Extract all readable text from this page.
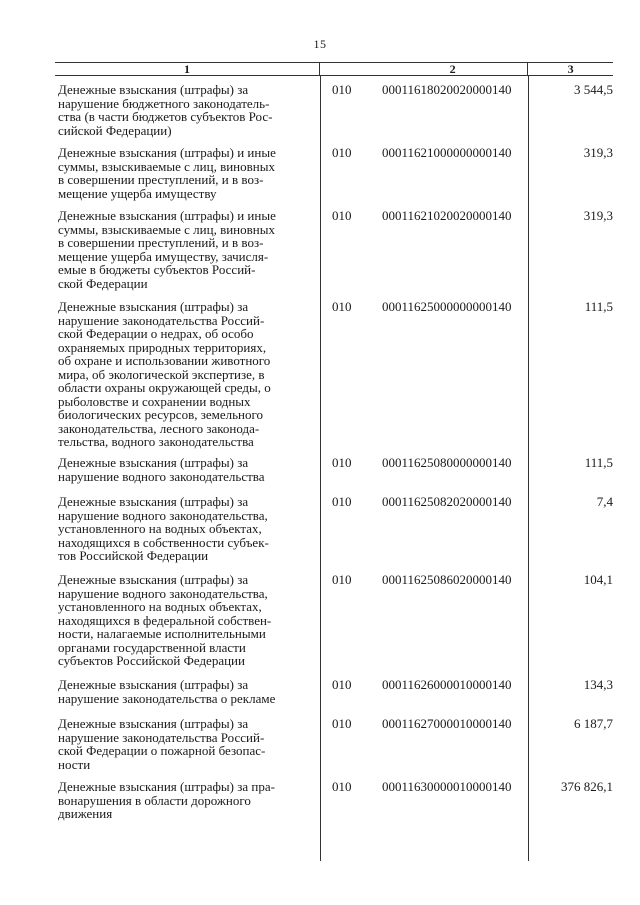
15
1	2	3
Денежные взыскания (штрафы) за
нарушение бюджетного законодатель-
ства (в части бюджетов субъектов Рос-
сийской Федерации)
010	00011618020020000140	3 544,5
Денежные взыскания (штрафы) и иные
суммы, взыскиваемые с лиц, виновных
в совершении преступлений, и в воз-
мещение ущерба имуществу
010	00011621000000000140	319,3
Денежные взыскания (штрафы) и иные
суммы, взыскиваемые с лиц, виновных
в совершении преступлений, и в воз-
мещение ущерба имуществу, зачисля-
емые в бюджеты субъектов Россий-
ской Федерации
010	00011621020020000140	319,3
Денежные взыскания (штрафы) за
нарушение законодательства Россий-
ской Федерации о недрах, об особо
охраняемых природных территориях,
об охране и использовании животного
мира, об экологической экспертизе, в
области охраны окружающей среды, о
рыболовстве и сохранении водных
биологических ресурсов, земельного
законодательства, лесного законода-
тельства, водного законодательства
010	00011625000000000140	111,5
Денежные взыскания (штрафы) за
нарушение водного законодательства
010	00011625080000000140	111,5
Денежные взыскания (штрафы) за
нарушение водного законодательства,
установленного на водных объектах,
находящихся в собственности субъек-
тов Российской Федерации
010	00011625082020000140	7,4
Денежные взыскания (штрафы) за
нарушение водного законодательства,
установленного на водных объектах,
находящихся в федеральной собствен-
ности, налагаемые исполнительными
органами государственной власти
субъектов Российской Федерации
010	00011625086020000140	104,1
Денежные взыскания (штрафы) за
нарушение законодательства о рекламе
010	00011626000010000140	134,3
Денежные взыскания (штрафы) за
нарушение законодательства Россий-
ской Федерации о пожарной безопас-
ности
010	00011627000010000140	6 187,7
Денежные взыскания (штрафы) за пра-
вонарушения в области дорожного
движения
010	00011630000010000140	376 826,1
